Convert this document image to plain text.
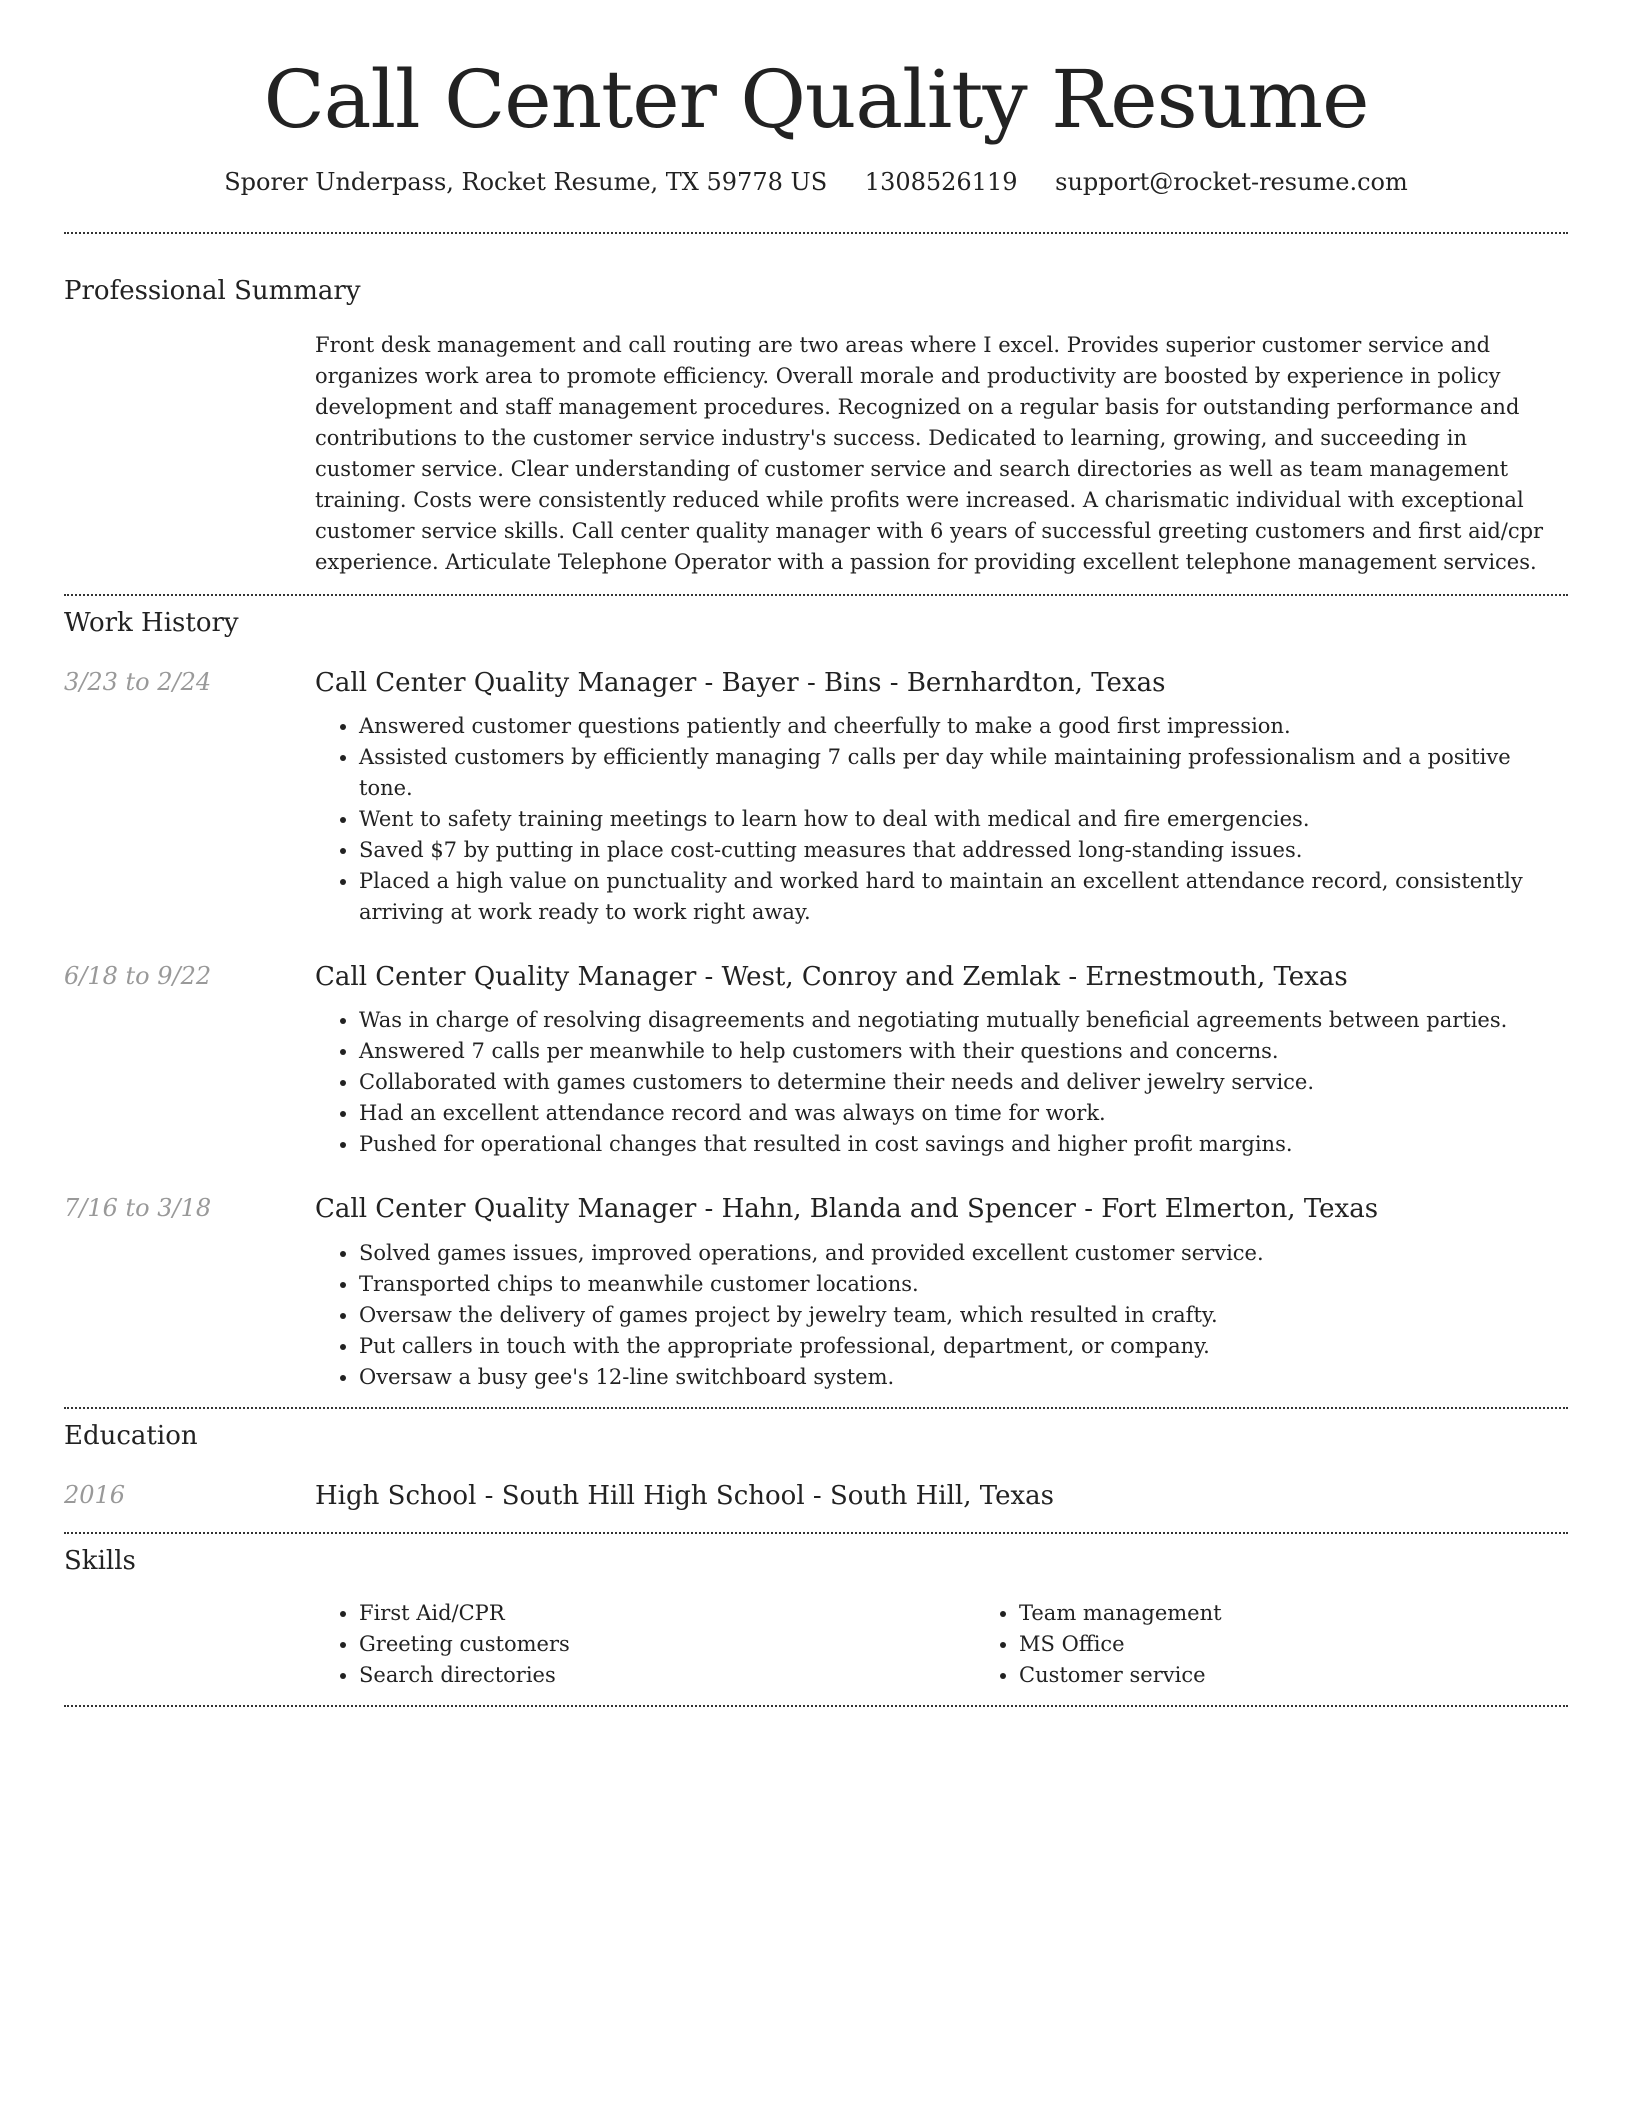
Call Center Quality Resume
Sporer Underpass, Rocket Resume, TX 59778 US 1308526119 support@rocket-resume.com
Professional Summary

Front desk management and call routing are two areas where I excel. Provides superior customer service and organizes work area to promote efficiency. Overall morale and productivity are boosted by experience in policy development and staff management procedures. Recognized on a regular basis for outstanding performance and contributions to the customer service industry's success. Dedicated to learning, growing, and succeeding in customer service. Clear understanding of customer service and search directories as well as team management training. Costs were consistently reduced while profits were increased. A charismatic individual with exceptional customer service skills. Call center quality manager with 6 years of successful greeting customers and first aid/cpr experience. Articulate Telephone Operator with a passion for providing excellent telephone management services.

Work History
3/23 to 2/24	Call Center Quality Manager - Bayer - Bins - Bernhardton, Texas
• Answered customer questions patiently and cheerfully to make a good first impression.
• Assisted customers by efficiently managing 7 calls per day while maintaining professionalism and a positive tone.
• Went to safety training meetings to learn how to deal with medical and fire emergencies.
• Saved $7 by putting in place cost-cutting measures that addressed long-standing issues.
• Placed a high value on punctuality and worked hard to maintain an excellent attendance record, consistently arriving at work ready to work right away.
6/18 to 9/22	Call Center Quality Manager - West, Conroy and Zemlak - Ernestmouth, Texas
• Was in charge of resolving disagreements and negotiating mutually beneficial agreements between parties.
• Answered 7 calls per meanwhile to help customers with their questions and concerns.
• Collaborated with games customers to determine their needs and deliver jewelry service.
• Had an excellent attendance record and was always on time for work.
• Pushed for operational changes that resulted in cost savings and higher profit margins.
7/16 to 3/18	Call Center Quality Manager - Hahn, Blanda and Spencer - Fort Elmerton, Texas
• Solved games issues, improved operations, and provided excellent customer service.
• Transported chips to meanwhile customer locations.
• Oversaw the delivery of games project by jewelry team, which resulted in crafty.
• Put callers in touch with the appropriate professional, department, or company.
• Oversaw a busy gee's 12-line switchboard system.
Education
2016	High School - South Hill High School - South Hill, Texas
Skills
• First Aid/CPR
• Greeting customers
• Search directories
• Team management
• MS Office
• Customer service
